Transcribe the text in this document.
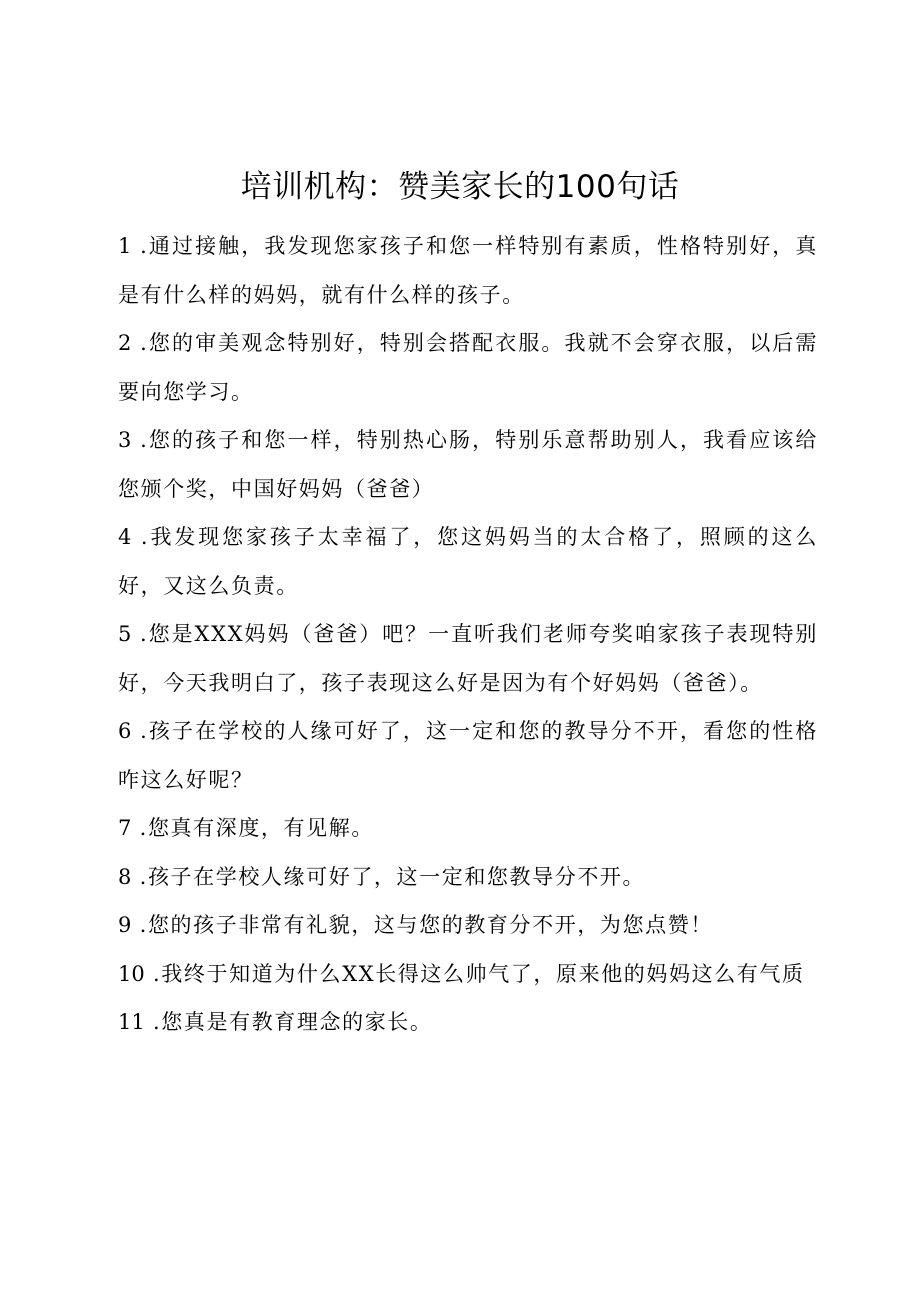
培训机构：赞美家长的100句话
1 .通过接触，我发现您家孩子和您一样特别有素质，性格特别好，真是有什么样的妈妈，就有什么样的孩子。
2 .您的审美观念特别好，特别会搭配衣服。我就不会穿衣服，以后需要向您学习。
3 .您的孩子和您一样，特别热心肠，特别乐意帮助别人，我看应该给您颁个奖，中国好妈妈（爸爸）
4 .我发现您家孩子太幸福了，您这妈妈当的太合格了，照顾的这么好，又这么负责。
5 .您是XXX妈妈（爸爸）吧？一直听我们老师夸奖咱家孩子表现特别好，今天我明白了，孩子表现这么好是因为有个好妈妈（爸爸）。
6 .孩子在学校的人缘可好了，这一定和您的教导分不开，看您的性格咋这么好呢？
7 .您真有深度，有见解。
8 .孩子在学校人缘可好了，这一定和您教导分不开。
9 .您的孩子非常有礼貌，这与您的教育分不开，为您点赞！
10 .我终于知道为什么XX长得这么帅气了，原来他的妈妈这么有气质
11 .您真是有教育理念的家长。
